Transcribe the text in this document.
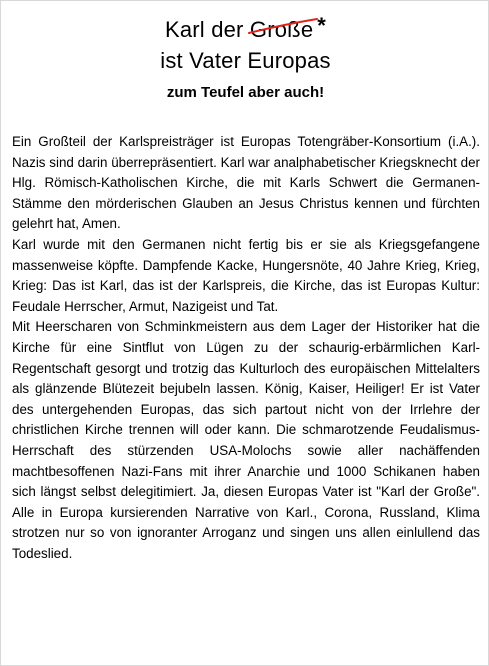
Karl der Große *
ist Vater Europas
zum Teufel aber auch!

Ein Großteil der Karlspreisträger ist Europas Totengräber-Konsortium (i.A.). Nazis sind darin überrepräsentiert. Karl war analphabetischer Kriegsknecht der Hlg. Römisch-Katholischen Kirche, die mit Karls Schwert die Germanen-Stämme den mörderischen Glauben an Jesus Christus kennen und fürchten gelehrt hat, Amen.

Karl wurde mit den Germanen nicht fertig bis er sie als Kriegsgefangene massenweise köpfte. Dampfende Kacke, Hungersnöte, 40 Jahre Krieg, Krieg, Krieg: Das ist Karl, das ist der Karlspreis, die Kirche, das ist Europas Kultur: Feudale Herrscher, Armut, Nazigeist und Tat.

Mit Heerscharen von Schminkmeistern aus dem Lager der Historiker hat die Kirche für eine Sintflut von Lügen zu der schaurig-erbärmlichen Karl-Regentschaft gesorgt und trotzig das Kulturloch des europäischen Mittelalters als glänzende Blütezeit bejubeln lassen. König, Kaiser, Heiliger! Er ist Vater des untergehenden Europas, das sich partout nicht von der Irrlehre der christlichen Kirche trennen will oder kann. Die schmarotzende Feudalismus-Herrschaft des stürzenden USA-Molochs sowie aller nachäffenden machtbesoffenen Nazi-Fans mit ihrer Anarchie und 1000 Schikanen haben sich längst selbst delegitimiert. Ja, diesen Europas Vater ist "Karl der Große". Alle in Europa kursierenden Narrative von Karl., Corona, Russland, Klima strotzen nur so von ignoranter Arroganz und singen uns allen einlullend das Todeslied.
